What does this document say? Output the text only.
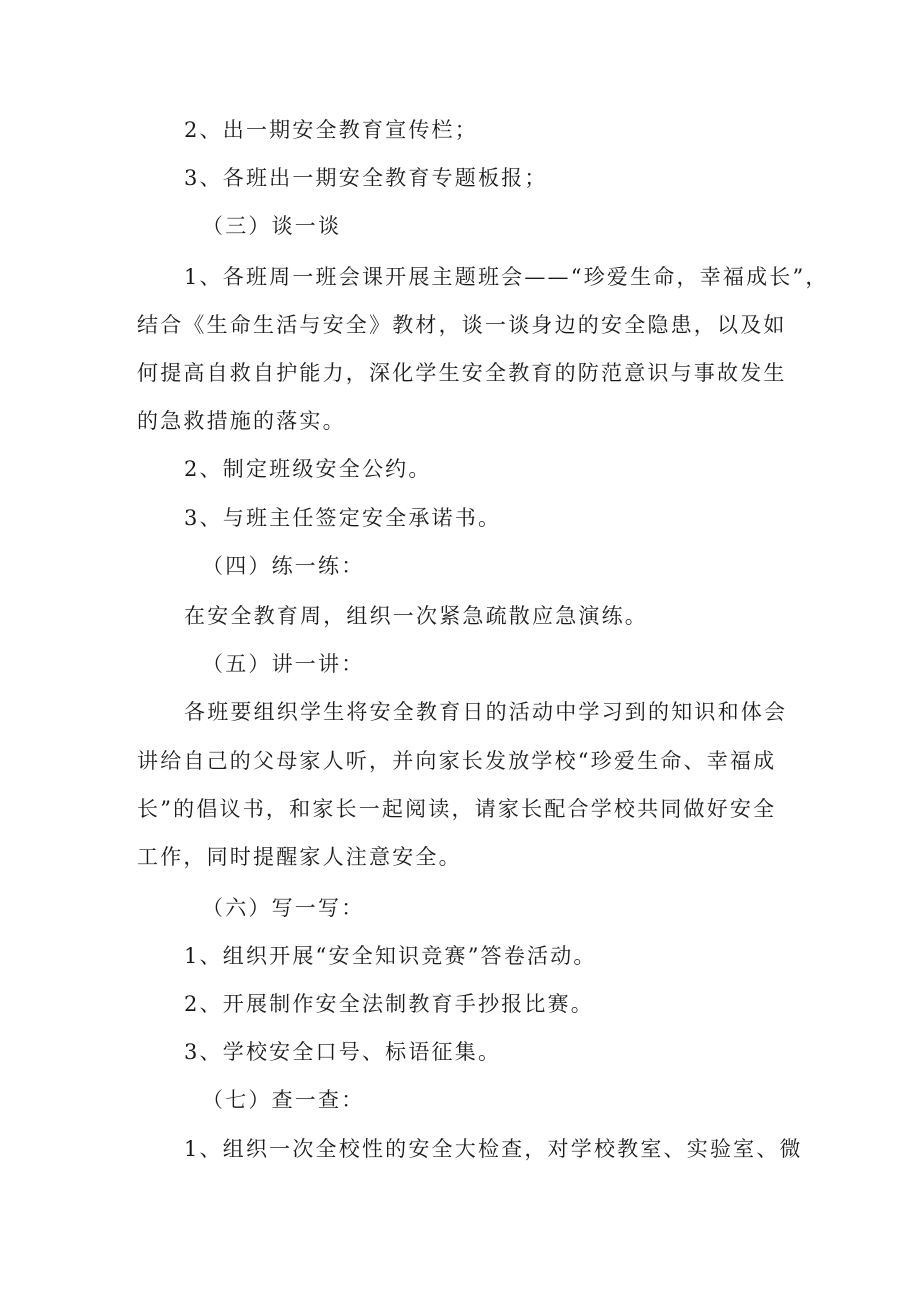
2、出一期安全教育宣传栏；
3、各班出一期安全教育专题板报；
（三）谈一谈
1、各班周一班会课开展主题班会——“珍爱生命，幸福成长”，
结合《生命生活与安全》教材，谈一谈身边的安全隐患，以及如
何提高自救自护能力，深化学生安全教育的防范意识与事故发生
的急救措施的落实。
2、制定班级安全公约。
3、与班主任签定安全承诺书。
（四）练一练：
在安全教育周，组织一次紧急疏散应急演练。
（五）讲一讲：
各班要组织学生将安全教育日的活动中学习到的知识和体会
讲给自己的父母家人听，并向家长发放学校“珍爱生命、幸福成
长”的倡议书，和家长一起阅读，请家长配合学校共同做好安全
工作，同时提醒家人注意安全。
（六）写一写：
1、组织开展“安全知识竞赛”答卷活动。
2、开展制作安全法制教育手抄报比赛。
3、学校安全口号、标语征集。
（七）查一查：
1、组织一次全校性的安全大检查，对学校教室、实验室、微
